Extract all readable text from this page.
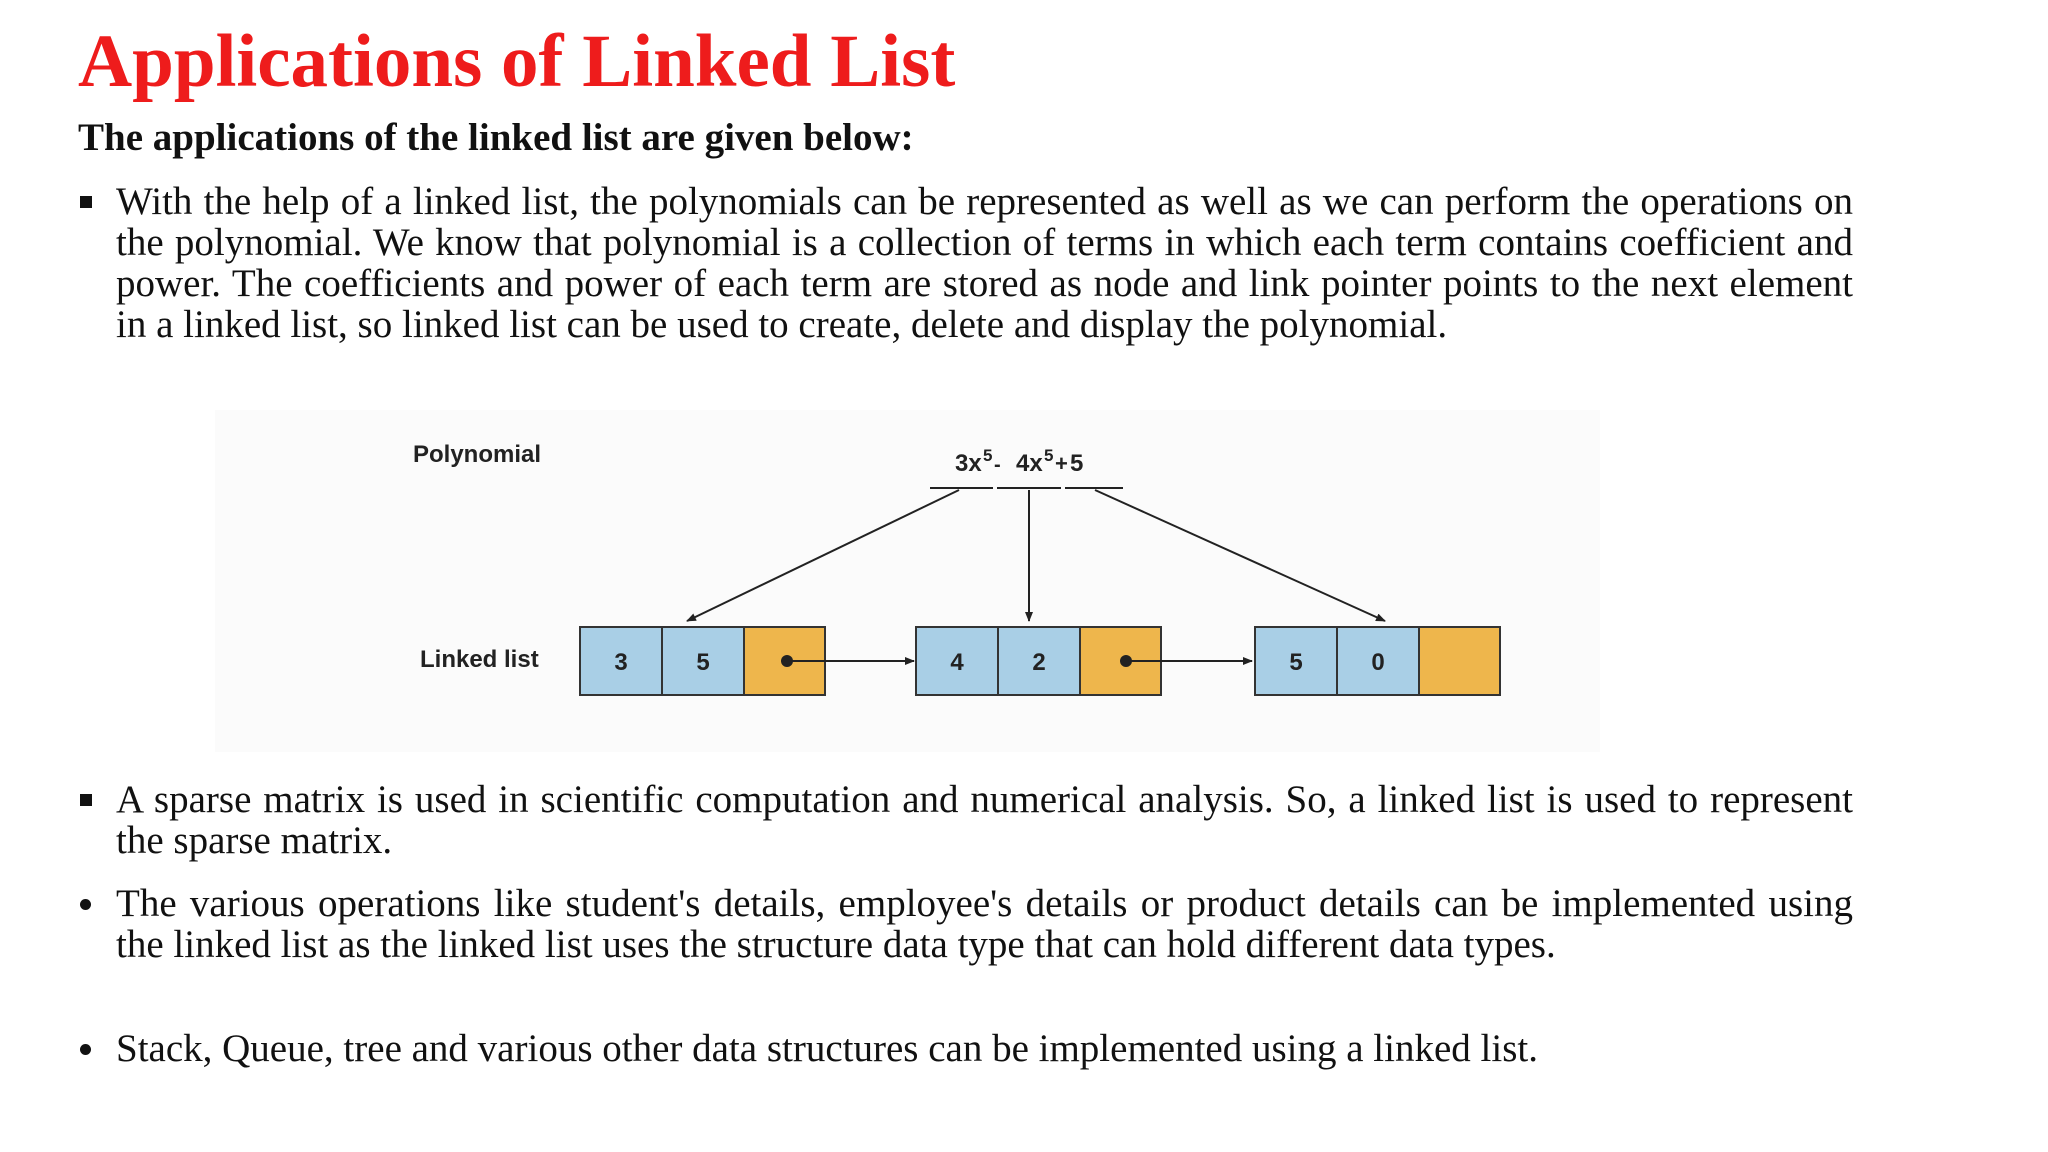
Applications of Linked List

The applications of the linked list are given below:

With the help of a linked list, the polynomials can be represented as well as we can perform the operations on the polynomial. We know that polynomial is a collection of terms in which each term contains coefficient and power. The coefficients and power of each term are stored as node and link pointer points to the next element in a linked list, so linked list can be used to create, delete and display the polynomial.
Polynomial
Linked list
3x 5 - 4x 5 + 5
3	5	4	2	5	0
A sparse matrix is used in scientific computation and numerical analysis. So, a linked list is used to represent the sparse matrix.
The various operations like student's details, employee's details or product details can be implemented using the linked list as the linked list uses the structure data type that can hold different data types.
Stack, Queue, tree and various other data structures can be implemented using a linked list.
